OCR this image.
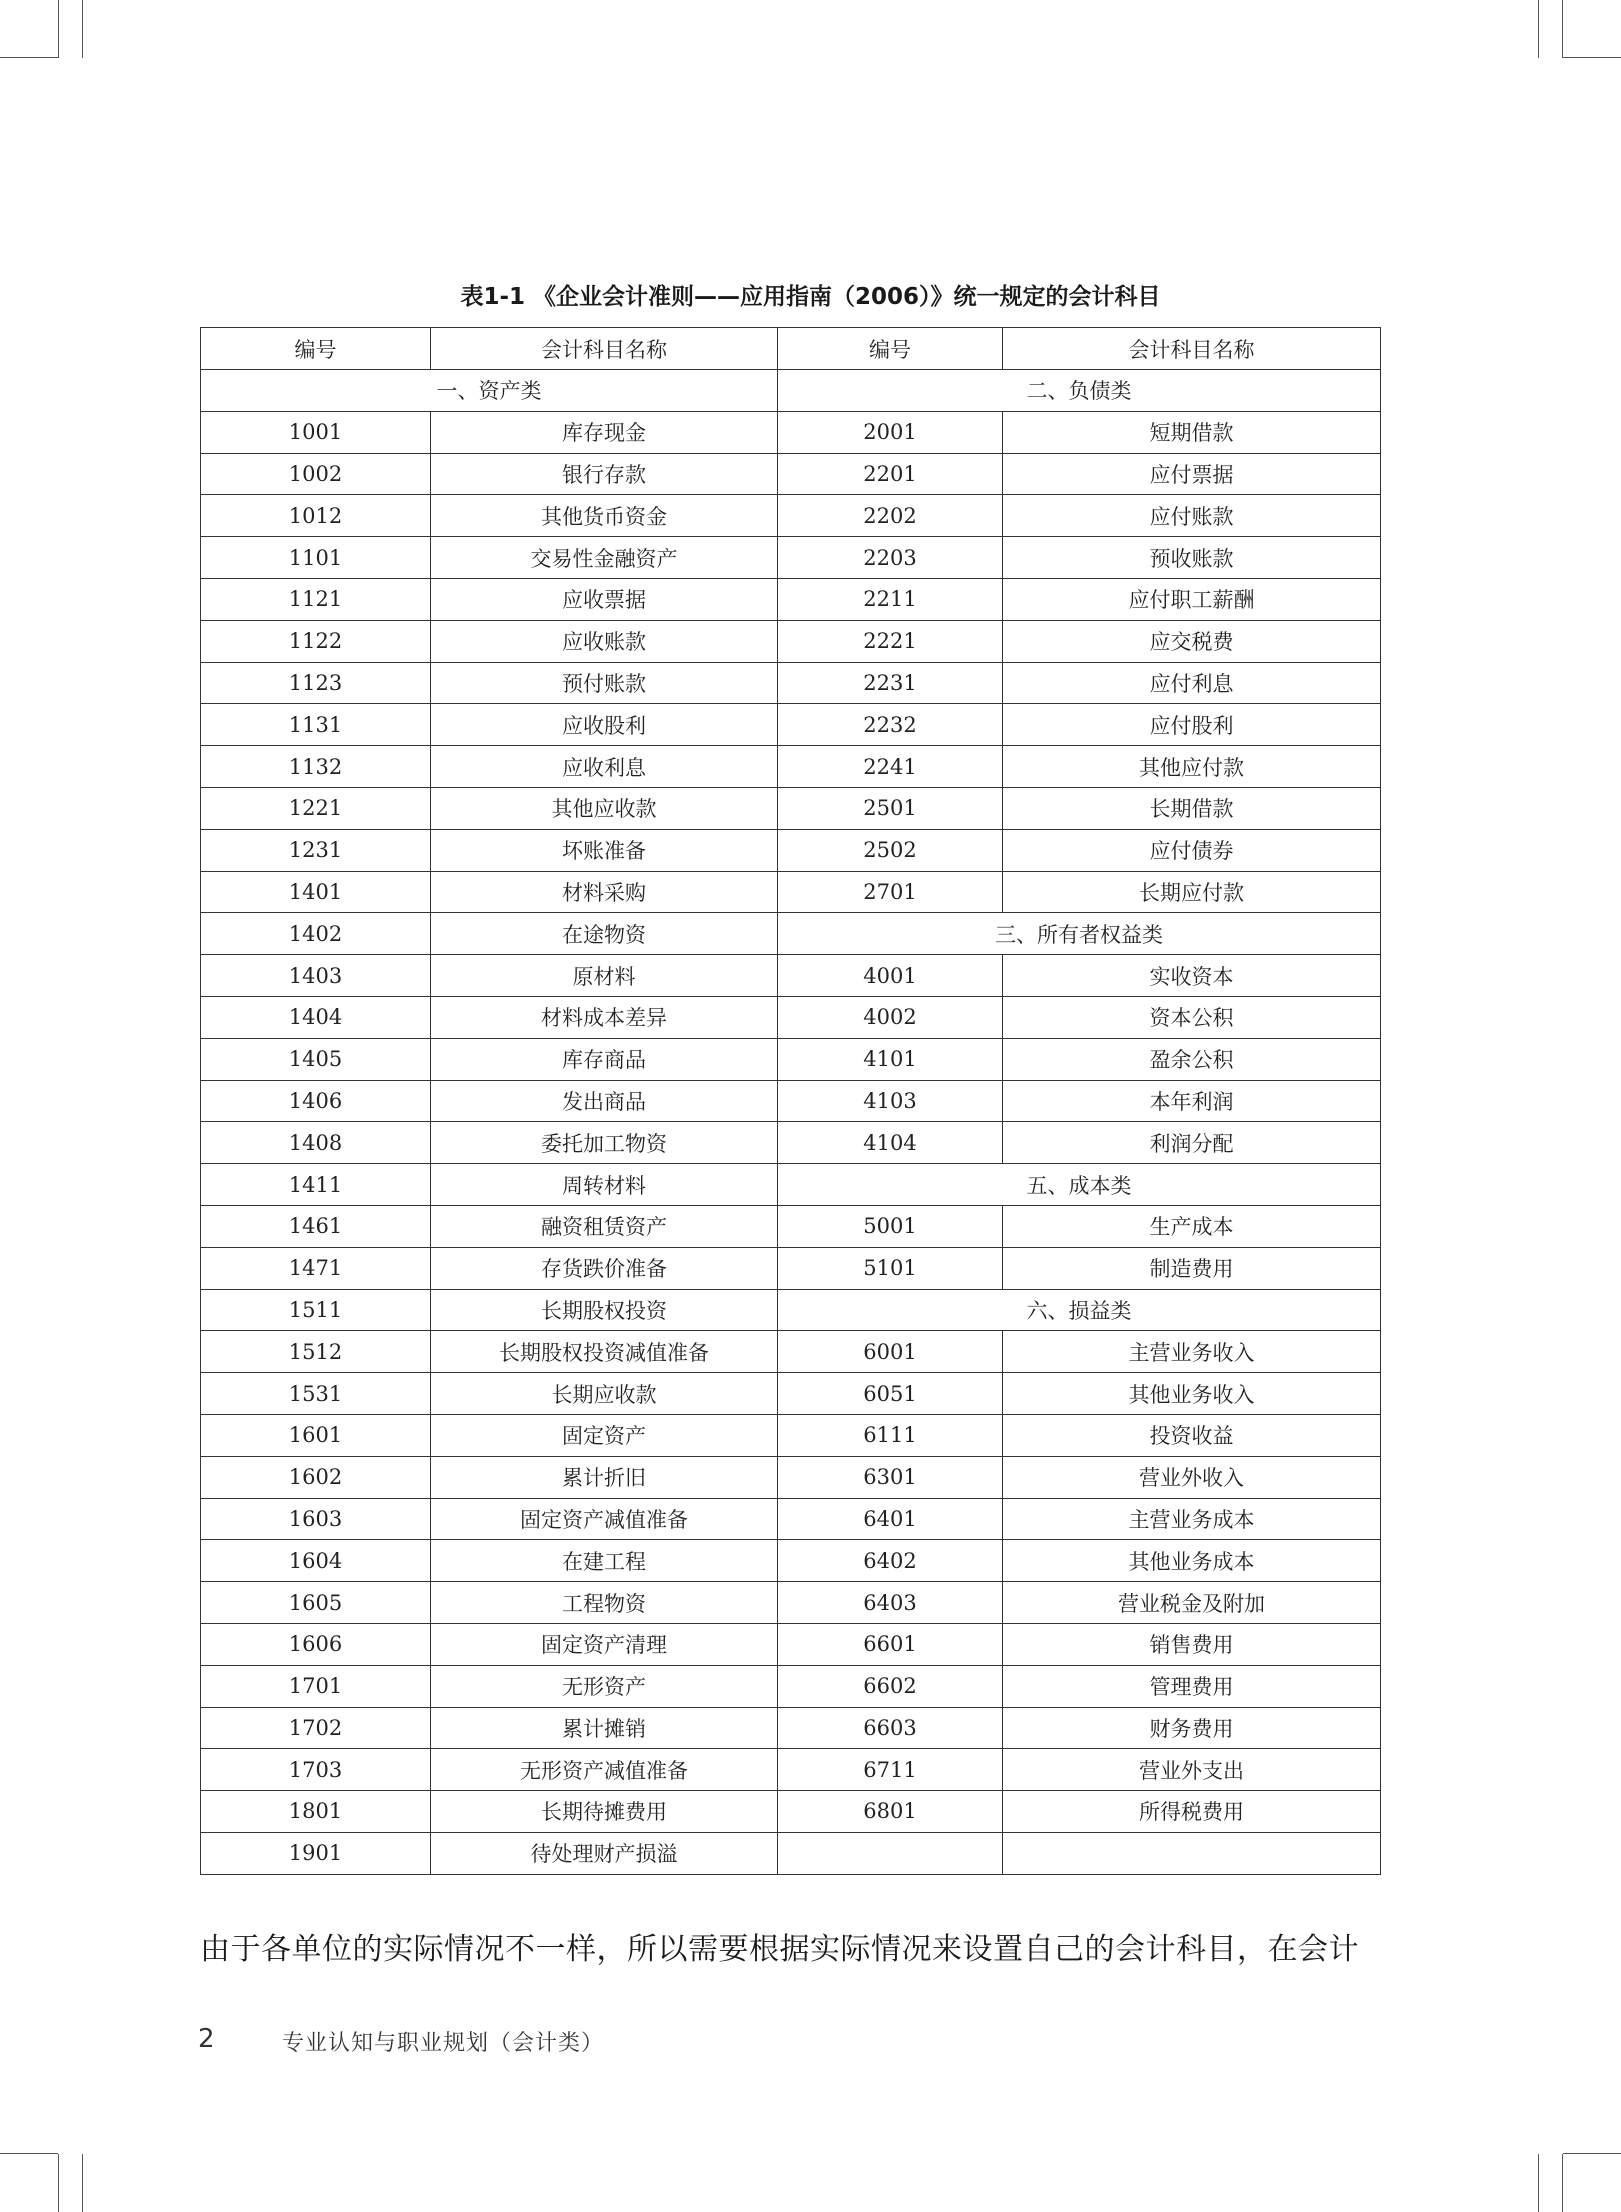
表1-1 《企业会计准则——应用指南（2006）》统一规定的会计科目
编号	会计科目名称	编号	会计科目名称
一、资产类		二、负债类	
1001	库存现金	2001	短期借款
1002	银行存款	2201	应付票据
1012	其他货币资金	2202	应付账款
1101	交易性金融资产	2203	预收账款
1121	应收票据	2211	应付职工薪酬
1122	应收账款	2221	应交税费
1123	预付账款	2231	应付利息
1131	应收股利	2232	应付股利
1132	应收利息	2241	其他应付款
1221	其他应收款	2501	长期借款
1231	坏账准备	2502	应付债券
1401	材料采购	2701	长期应付款
1402	在途物资	三、所有者权益类	
1403	原材料	4001	实收资本
1404	材料成本差异	4002	资本公积
1405	库存商品	4101	盈余公积
1406	发出商品	4103	本年利润
1408	委托加工物资	4104	利润分配
1411	周转材料	五、成本类	
1461	融资租赁资产	5001	生产成本
1471	存货跌价准备	5101	制造费用
1511	长期股权投资	六、损益类	
1512	长期股权投资减值准备	6001	主营业务收入
1531	长期应收款	6051	其他业务收入
1601	固定资产	6111	投资收益
1602	累计折旧	6301	营业外收入
1603	固定资产减值准备	6401	主营业务成本
1604	在建工程	6402	其他业务成本
1605	工程物资	6403	营业税金及附加
1606	固定资产清理	6601	销售费用
1701	无形资产	6602	管理费用
1702	累计摊销	6603	财务费用
1703	无形资产减值准备	6711	营业外支出
1801	长期待摊费用	6801	所得税费用
1901	待处理财产损溢		
由于各单位的实际情况不一样，所以需要根据实际情况来设置自己的会计科目，在会计
2	专业认知与职业规划（会计类）
